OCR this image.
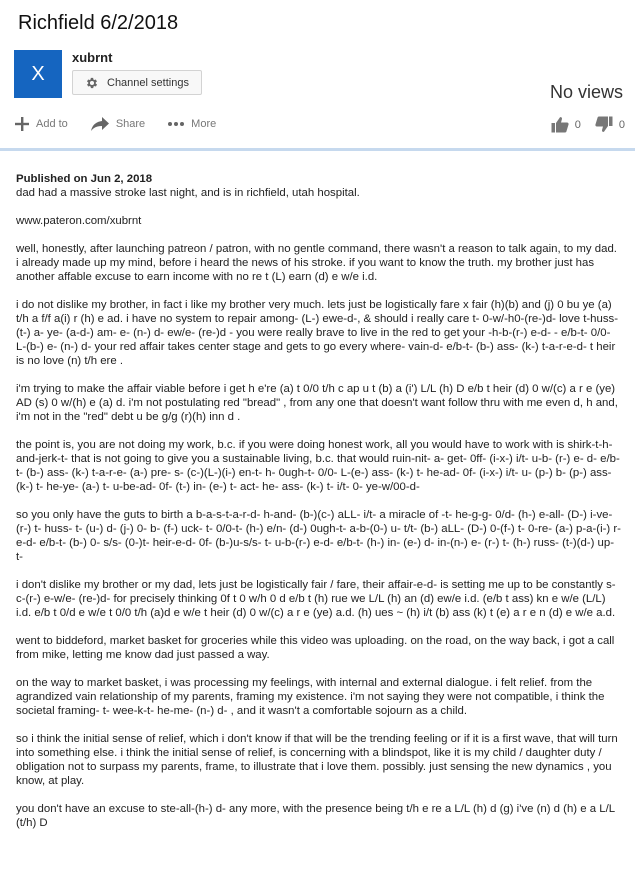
Richfield 6/2/2018
X
xubrnt
Channel settings	No views
Add to	Share	More	0	0

Published on Jun 2, 2018

dad had a massive stroke last night, and is in richfield, utah hospital.

www.pateron.com/xubrnt

well, honestly, after launching patreon / patron, with no gentle command, there wasn't a reason to talk again, to my dad. i already made up my mind, before i heard the news of his stroke. if you want to know the truth. my brother just has another affable excuse to earn income with no re t (L) earn (d) e w/e i.d.

i do not dislike my brother, in fact i like my brother very much. lets just be logistically fare x fair (h)(b) and (j) 0 bu ye (a) t/h a f/f a(i) r (h) e ad. i have no system to repair among- (L-) ewe-d-, & should i really care t- 0-w/-h0-(re-)d- love t-huss- (t-) a- ye- (a-d-) am- e- (n-) d- ew/e- (re-)d - you were really brave to live in the red to get your -h-b-(r-) e-d- - e/b-t- 0/0- L-(b-) e- (n-) d- your red affair takes center stage and gets to go every where- vain-d- e/b-t- (b-) ass- (k-) t-a-r-e-d- t heir is no love (n) t/h ere .

i'm trying to make the affair viable before i get h e're (a) t 0/0 t/h c ap u t (b) a (i') L/L (h) D e/b t heir (d) 0 w/(c) a r e (ye) AD (s) 0 w/(h) e (a) d. i'm not postulating red "bread" , from any one that doesn't want follow thru with me even d, h and, i'm not in the "red" debt u be g/g (r)(h) inn d .

the point is, you are not doing my work, b.c. if you were doing honest work, all you would have to work with is shirk-t-h-and-jerk-t- that is not going to give you a sustainable living, b.c. that would ruin-nit- a- get- 0ff- (i-x-) i/t- u-b- (r-) e- d- e/b- t- (b-) ass- (k-) t-a-r-e- (a-) pre- s- (c-)(L-)(i-) en-t- h- 0ugh-t- 0/0- L-(e-) ass- (k-) t- he-ad- 0f- (i-x-) i/t- u- (p-) b- (p-) ass- (k-) t- he-ye- (a-) t- u-be-ad- 0f- (t-) in- (e-) t- act- he- ass- (k-) t- i/t- 0- ye-w/00-d-

so you only have the guts to birth a b-a-s-t-a-r-d- h-and- (b-)(c-) aLL- i/t- a miracle of -t- he-g-g- 0/d- (h-) e-all- (D-) i-ve- (r-) t- huss- t- (u-) d- (j-) 0- b- (f-) uck- t- 0/0-t- (h-) e/n- (d-) 0ugh-t- a-b-(0-) u- t/t- (b-) aLL- (D-) 0-(f-) t- 0-re- (a-) p-a-(i-) r-e-d- e/b-t- (b-) 0- s/s- (0-)t- heir-e-d- 0f- (b-)u-s/s- t- u-b-(r-) e-d- e/b-t- (h-) in- (e-) d- in-(n-) e- (r-) t- (h-) russ- (t-)(d-) up- t-

i don't dislike my brother or my dad, lets just be logistically fair / fare, their affair-e-d- is setting me up to be constantly s-c-(r-) e-w/e- (re-)d- for precisely thinking 0f t 0 w/h 0 d e/b t (h) rue we L/L (h) an (d) ew/e i.d. (e/b t ass) kn e w/e (L/L) i.d. e/b t 0/d e w/e t 0/0 t/h (a)d e w/e t heir (d) 0 w/(c) a r e (ye) a.d. (h) ues ~ (h) i/t (b) ass (k) t (e) a r e n (d) e w/e a.d.

went to biddeford, market basket for groceries while this video was uploading. on the road, on the way back, i got a call from mike, letting me know dad just passed a way.

on the way to market basket, i was processing my feelings, with internal and external dialogue. i felt relief. from the agrandized vain relationship of my parents, framing my existence. i'm not saying they were not compatible, i think the societal framing- t- wee-k-t- he-me- (n-) d- , and it wasn't a comfortable sojourn as a child.

so i think the initial sense of relief, which i don't know if that will be the trending feeling or if it is a first wave, that will turn into something else. i think the initial sense of relief, is concerning with a blindspot, like it is my child / daughter duty / obligation not to surpass my parents, frame, to illustrate that i love them. possibly. just sensing the new dynamics , you know, at play.

you don't have an excuse to ste-all-(h-) d- any more, with the presence being t/h e re a L/L (h) d (g) i've (n) d (h) e a L/L (t/h) D
